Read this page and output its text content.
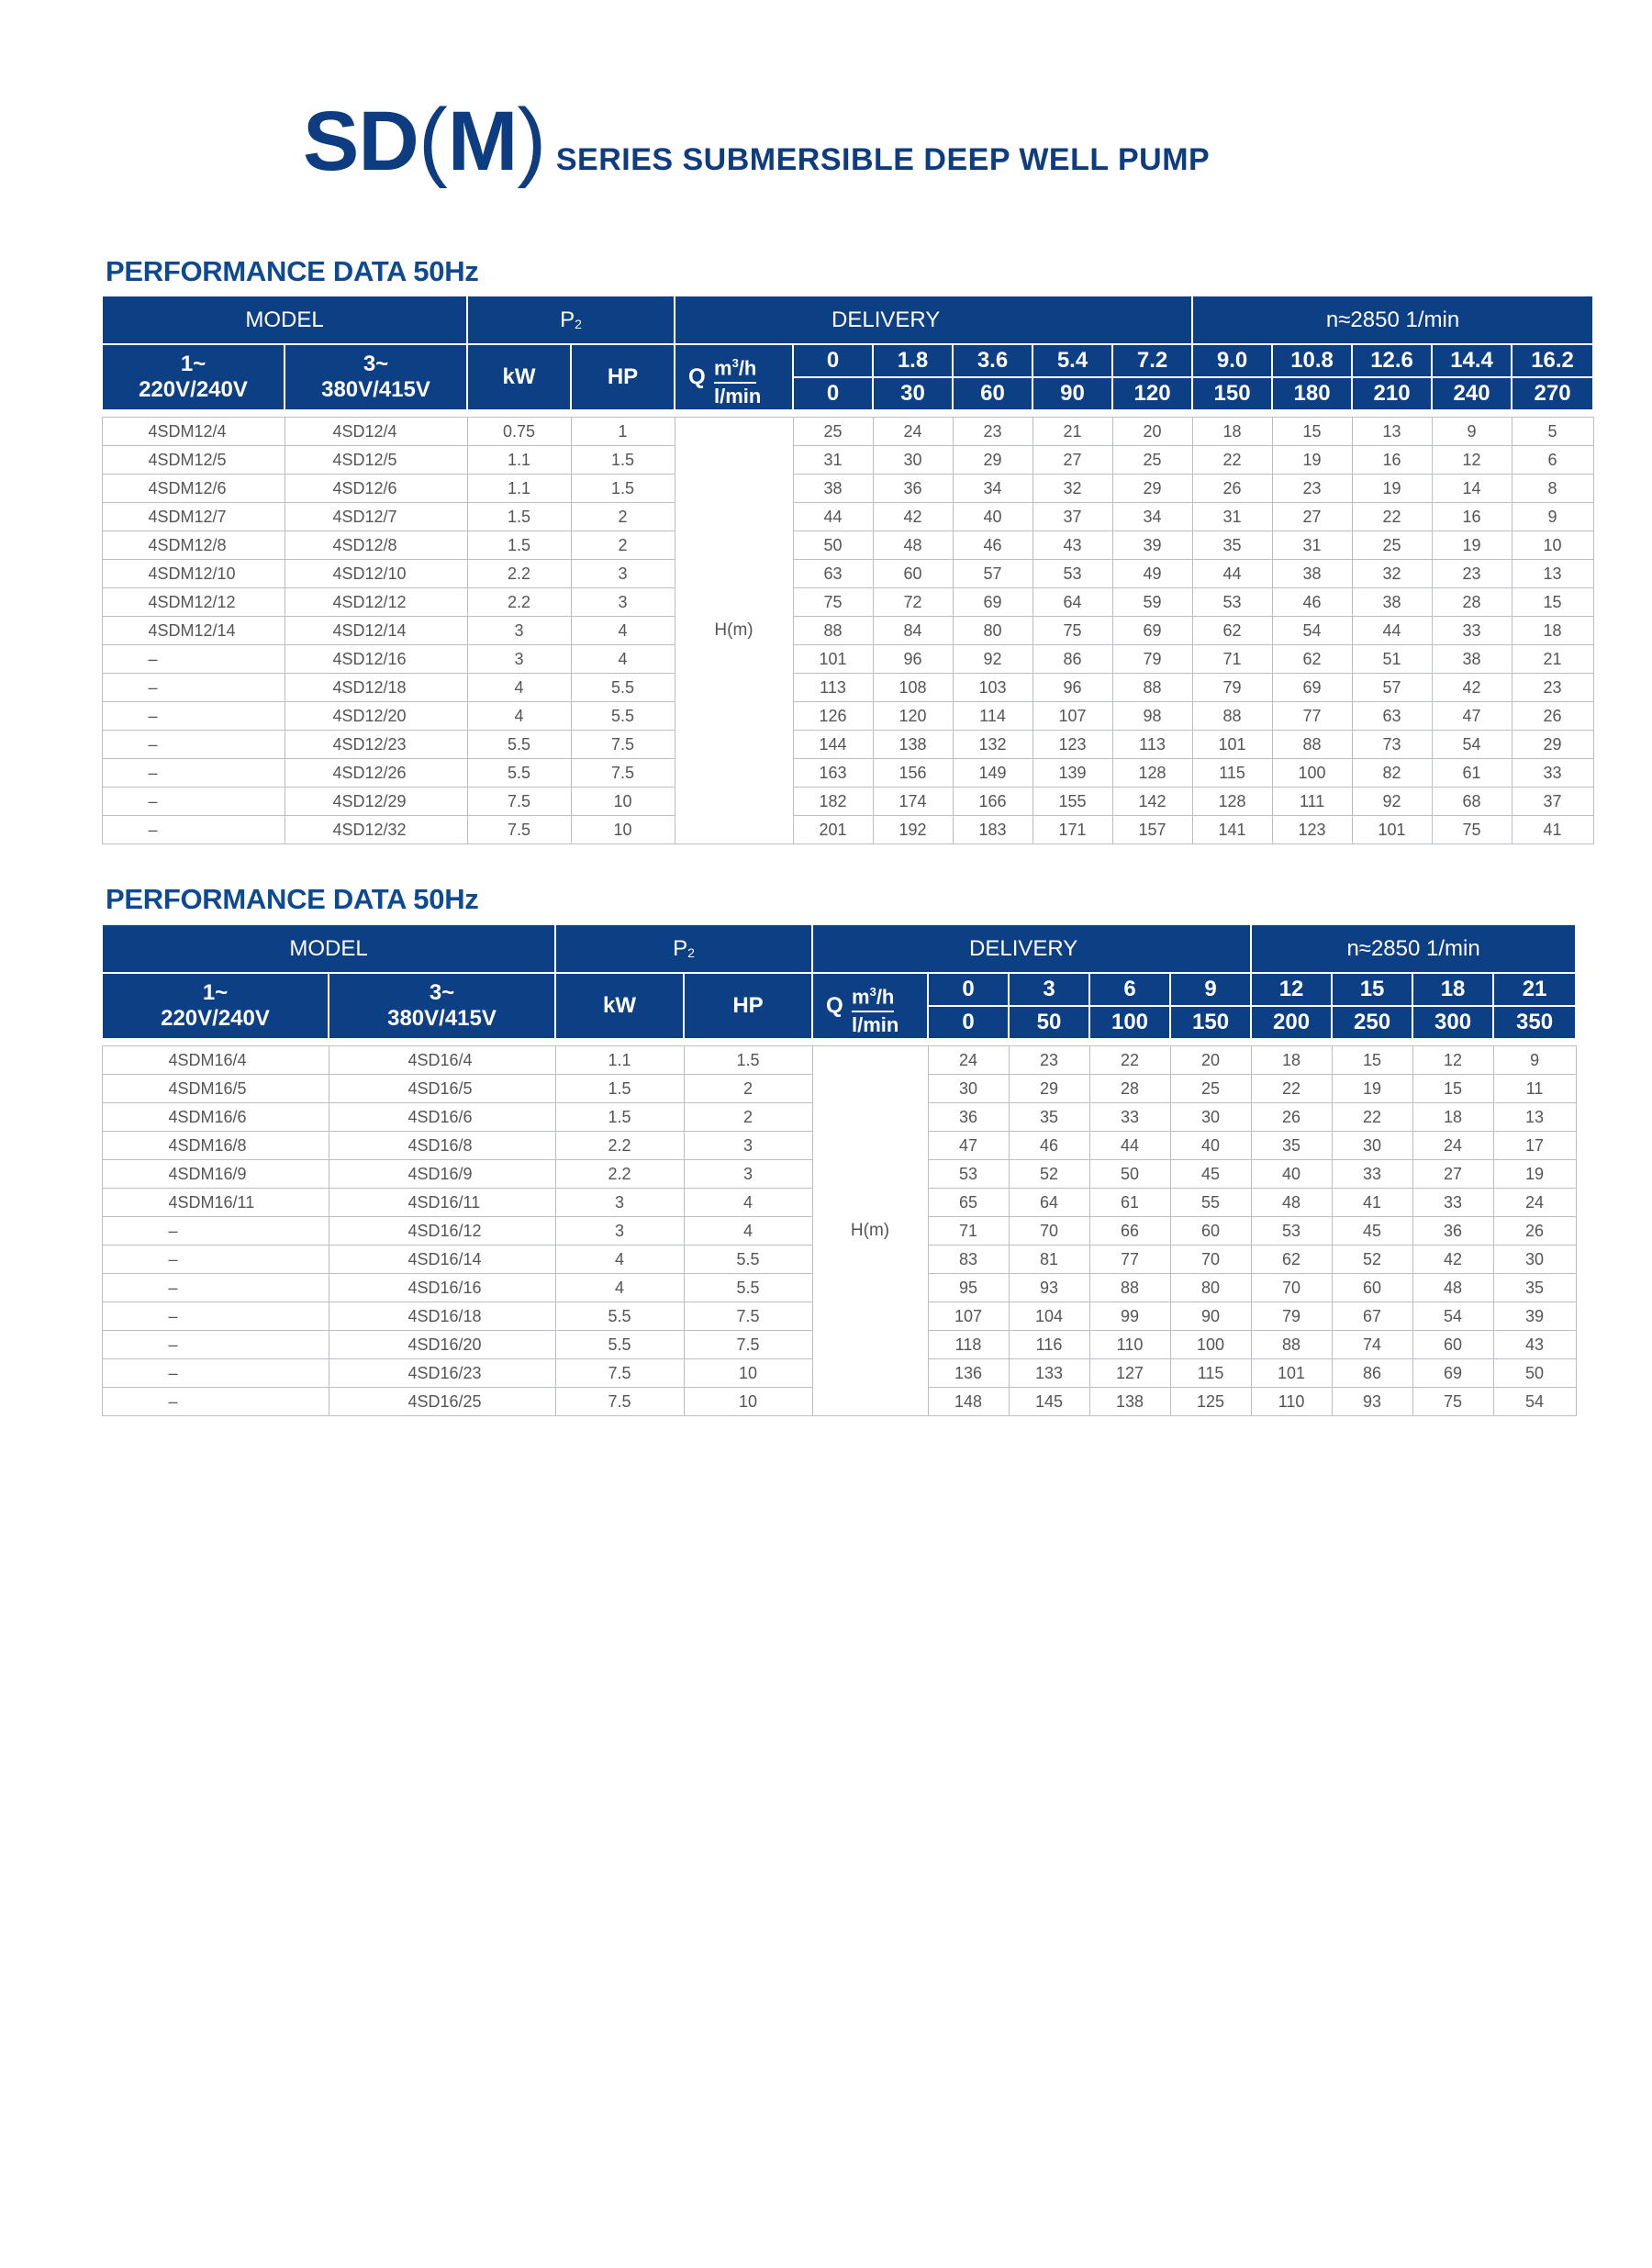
SD(M) SERIES SUBMERSIBLE DEEP WELL PUMP
PERFORMANCE DATA 50Hz
MODEL		P2		DELIVERY						n≈2850 1/min				
1~
220V/240V	3~
380V/415V	kW	HP	Q $m^3/h$
l/min	0	1.8	3.6	5.4	7.2	9.0	10.8	12.6	14.4	16.2
					0	30	60	90	120	150	180	210	240	270

4SDM12/4	4SD12/4	0.75	1	H(m)	25	24	23	21	20	18	15	13	9	5
4SDM12/5	4SD12/5	1.1	1.5		31	30	29	27	25	22	19	16	12	6
4SDM12/6	4SD12/6	1.1	1.5		38	36	34	32	29	26	23	19	14	8
4SDM12/7	4SD12/7	1.5	2		44	42	40	37	34	31	27	22	16	9
4SDM12/8	4SD12/8	1.5	2		50	48	46	43	39	35	31	25	19	10
4SDM12/10	4SD12/10	2.2	3		63	60	57	53	49	44	38	32	23	13
4SDM12/12	4SD12/12	2.2	3		75	72	69	64	59	53	46	38	28	15
4SDM12/14	4SD12/14	3	4		88	84	80	75	69	62	54	44	33	18
–	4SD12/16	3	4		101	96	92	86	79	71	62	51	38	21
–	4SD12/18	4	5.5		113	108	103	96	88	79	69	57	42	23
–	4SD12/20	4	5.5		126	120	114	107	98	88	77	63	47	26
–	4SD12/23	5.5	7.5		144	138	132	123	113	101	88	73	54	29
–	4SD12/26	5.5	7.5		163	156	149	139	128	115	100	82	61	33
–	4SD12/29	7.5	10		182	174	166	155	142	128	111	92	68	37
–	4SD12/32	7.5	10		201	192	183	171	157	141	123	101	75	41
PERFORMANCE DATA 50Hz
MODEL		P2		DELIVERY					n≈2850 1/min			
1~
220V/240V	3~
380V/415V	kW	HP	Q $m^3/h$
l/min	0	3	6	9	12	15	18	21
					0	50	100	150	200	250	300	350

4SDM16/4	4SD16/4	1.1	1.5	H(m)	24	23	22	20	18	15	12	9
4SDM16/5	4SD16/5	1.5	2		30	29	28	25	22	19	15	11
4SDM16/6	4SD16/6	1.5	2		36	35	33	30	26	22	18	13
4SDM16/8	4SD16/8	2.2	3		47	46	44	40	35	30	24	17
4SDM16/9	4SD16/9	2.2	3		53	52	50	45	40	33	27	19
4SDM16/11	4SD16/11	3	4		65	64	61	55	48	41	33	24
–	4SD16/12	3	4		71	70	66	60	53	45	36	26
–	4SD16/14	4	5.5		83	81	77	70	62	52	42	30
–	4SD16/16	4	5.5		95	93	88	80	70	60	48	35
–	4SD16/18	5.5	7.5		107	104	99	90	79	67	54	39
–	4SD16/20	5.5	7.5		118	116	110	100	88	74	60	43
–	4SD16/23	7.5	10		136	133	127	115	101	86	69	50
–	4SD16/25	7.5	10		148	145	138	125	110	93	75	54
